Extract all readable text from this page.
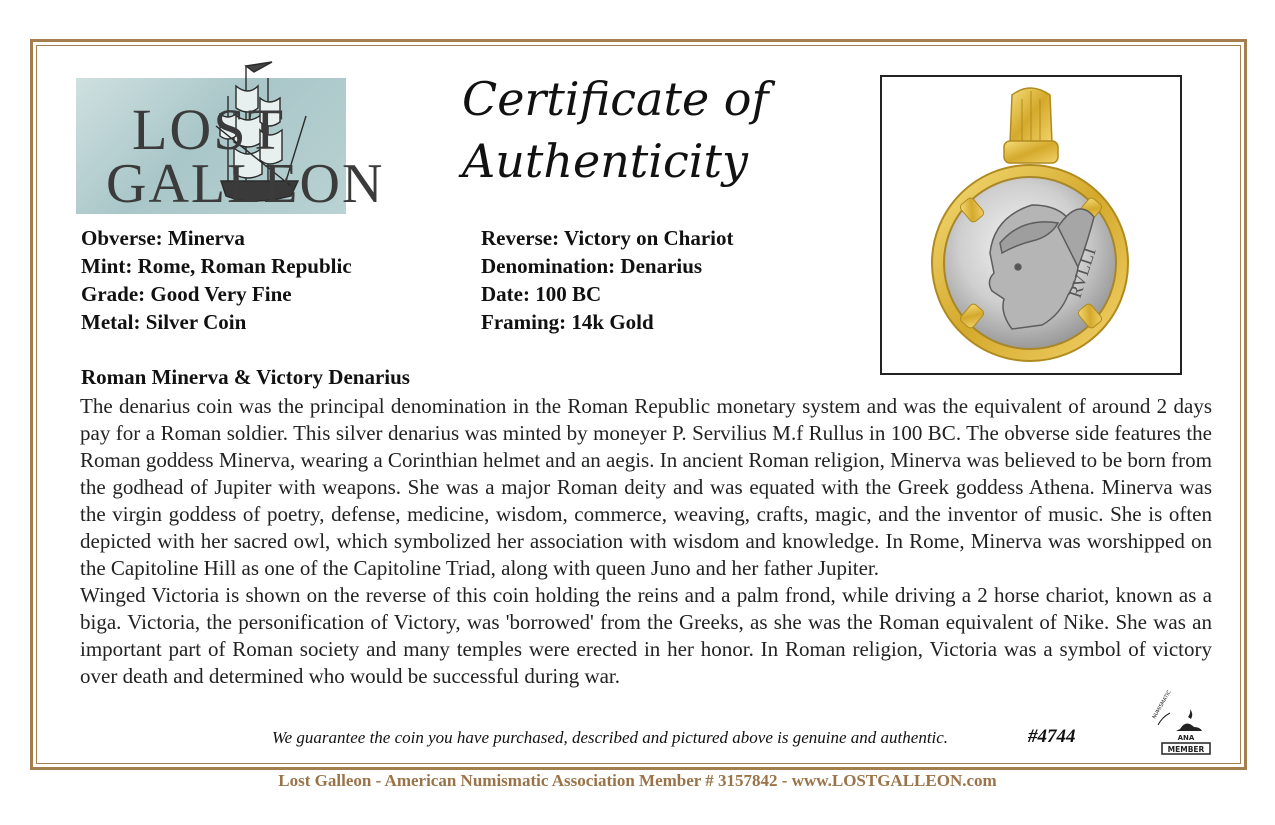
LOST
GALLEON
Certificate of
Authenticity
RVLLI
Obverse: Minerva
Mint: Rome, Roman Republic
Grade: Good Very Fine
Metal: Silver Coin
Reverse: Victory on Chariot
Denomination: Denarius
Date: 100 BC
Framing: 14k Gold
Roman Minerva & Victory Denarius

The denarius coin was the principal denomination in the Roman Republic monetary system and was the equivalent of around 2 days pay for a Roman soldier. This silver denarius was minted by moneyer P. Servilius M.f Rullus in 100 BC. The obverse side features the Roman goddess Minerva, wearing a Corinthian helmet and an aegis. In ancient Roman religion, Minerva was believed to be born from the godhead of Jupiter with weapons. She was a major Roman deity and was equated with the Greek goddess Athena. Minerva was the virgin goddess of poetry, defense, medicine, wisdom, commerce, weaving, crafts, magic, and the inventor of music. She is often depicted with her sacred owl, which symbolized her association with wisdom and knowledge. In Rome, Minerva was worshipped on the Capitoline Hill as one of the Capitoline Triad, along with queen Juno and her father Jupiter.

Winged Victoria is shown on the reverse of this coin holding the reins and a palm frond, while driving a 2 horse chariot, known as a biga. Victoria, the personification of Victory, was 'borrowed' from the Greeks, as she was the Roman equivalent of Nike. She was an important part of Roman society and many temples were erected in her honor. In Roman religion, Victoria was a symbol of victory over death and determined who would be successful during war.

We guarantee the coin you have purchased, described and pictured above is genuine and authentic.	#4744
NUMISMATIC
ANA
MEMBER
Lost Galleon - American Numismatic Association Member # 3157842 - www.LOSTGALLEON.com
